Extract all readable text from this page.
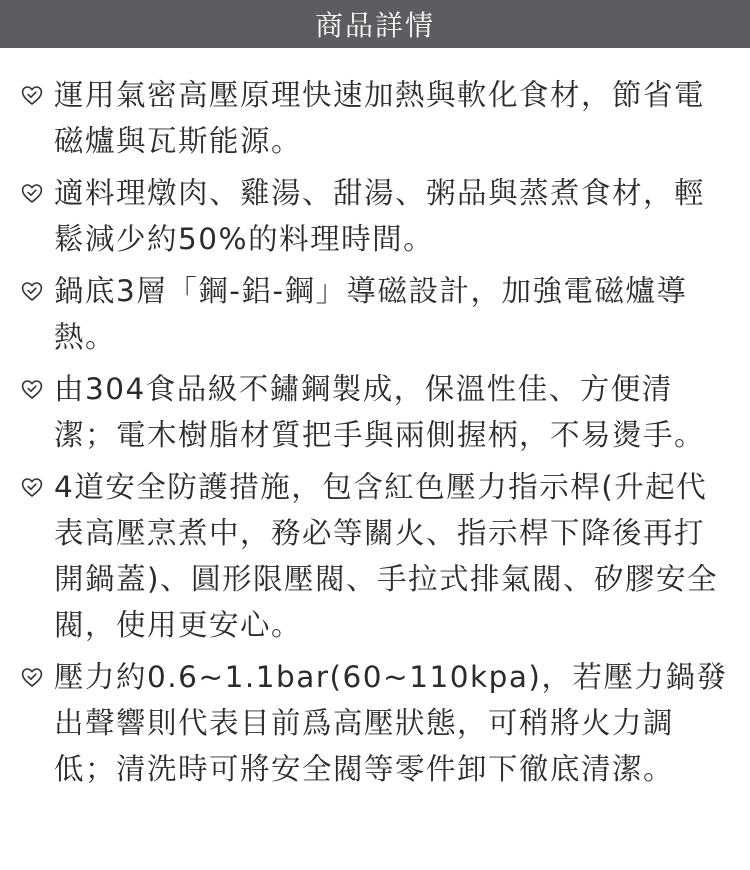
商品詳情
運用氣密高壓原理快速加熱與軟化食材，節省電磁爐與瓦斯能源。
適料理燉肉、雞湯、甜湯、粥品與蒸煮食材，輕鬆減少約50%的料理時間。
鍋底3層「鋼-鋁-鋼」導磁設計，加強電磁爐導熱。
由304食品級不鏽鋼製成，保溫性佳、方便清潔；電木樹脂材質把手與兩側握柄，不易燙手。
4道安全防護措施，包含紅色壓力指示桿(升起代表高壓烹煮中，務必等關火、指示桿下降後再打開鍋蓋)、圓形限壓閥、手拉式排氣閥、矽膠安全閥，使用更安心。
壓力約0.6~1.1bar(60~110kpa)，若壓力鍋發出聲響則代表目前爲高壓狀態，可稍將火力調低；清洗時可將安全閥等零件卸下徹底清潔。
